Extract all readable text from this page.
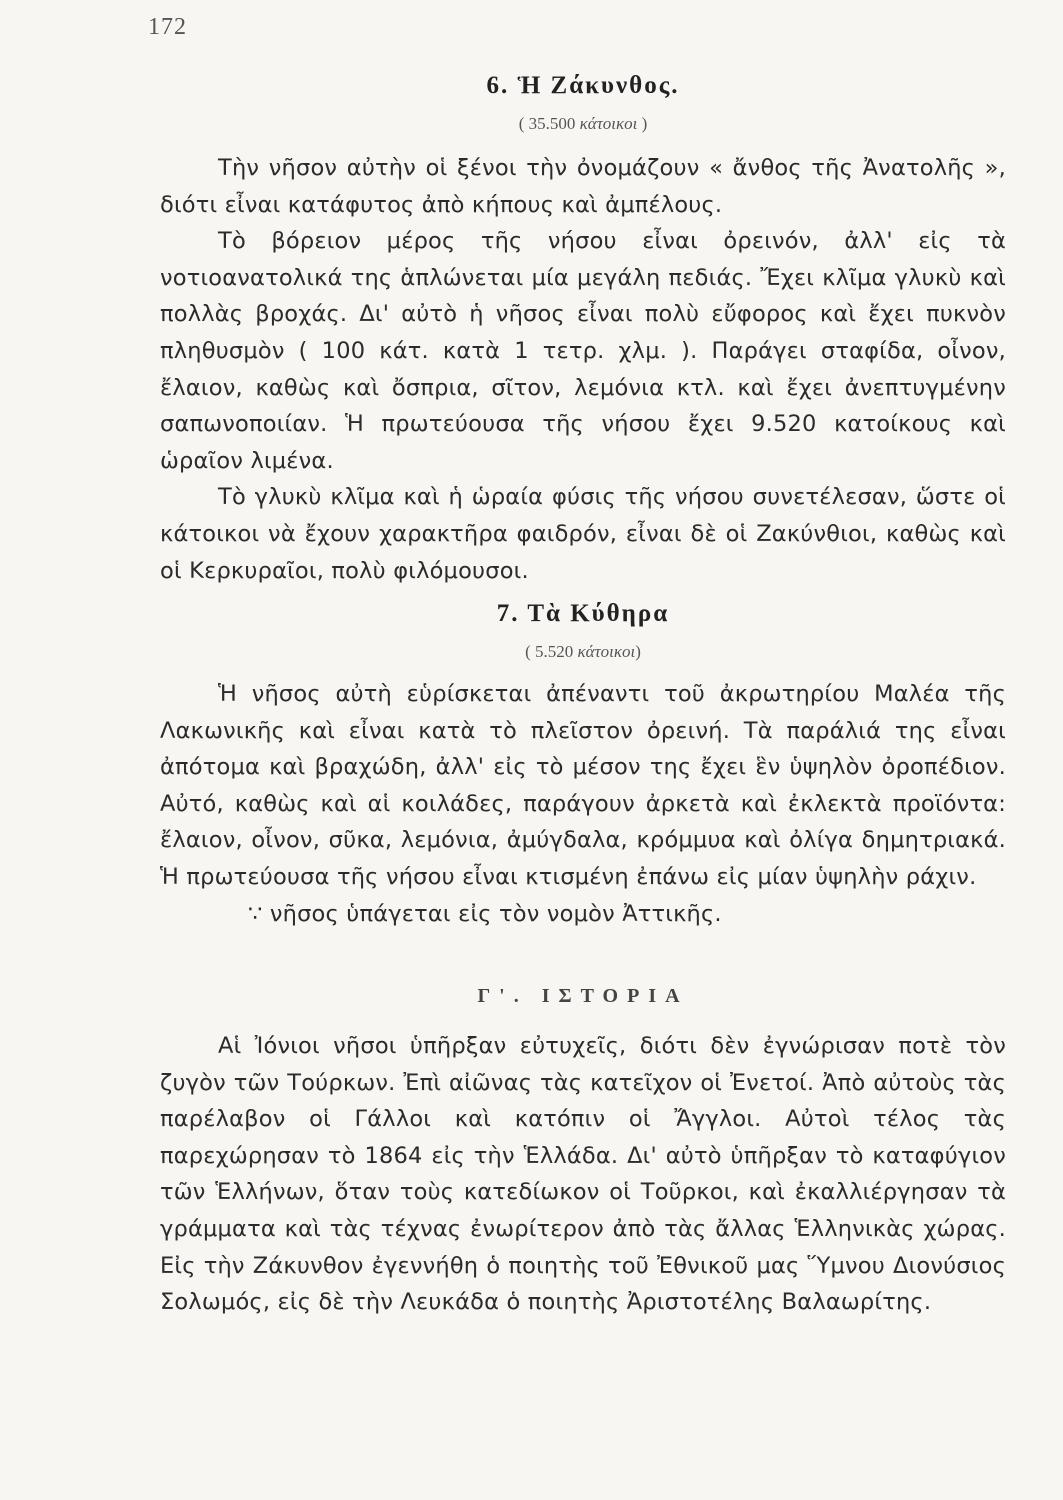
172
6. Ἡ Ζάκυνθος.

( 35.500 κάτοικοι )

Τὴν νῆσον αὐτὴν οἱ ξένοι τὴν ὀνομάζουν « ἄνθος τῆς Ἀνατολῆς », διότι εἶναι κατάφυτος ἀπὸ κήπους καὶ ἀμπέλους.

Τὸ βόρειον μέρος τῆς νήσου εἶναι ὀρεινόν, ἀλλ' εἰς τὰ νοτιοανατολικά της ἁπλώνεται μία μεγάλη πεδιάς. Ἔχει κλῖμα γλυκὺ καὶ πολλὰς βροχάς. Δι' αὐτὸ ἡ νῆσος εἶναι πολὺ εὔφορος καὶ ἔχει πυκνὸν πληθυσμὸν ( 100 κάτ. κατὰ 1 τετρ. χλμ. ). Παράγει σταφίδα, οἶνον, ἔλαιον, καθὼς καὶ ὄσπρια, σῖτον, λεμόνια κτλ. καὶ ἔχει ἀνεπτυγμένην σαπωνοποιίαν. Ἡ πρωτεύουσα τῆς νήσου ἔχει 9.520 κατοίκους καὶ ὡραῖον λιμένα.

Τὸ γλυκὺ κλῖμα καὶ ἡ ὡραία φύσις τῆς νήσου συνετέλεσαν, ὥστε οἱ κάτοικοι νὰ ἔχουν χαρακτῆρα φαιδρόν, εἶναι δὲ οἱ Ζακύνθιοι, καθὼς καὶ οἱ Κερκυραῖοι, πολὺ φιλόμουσοι.

7. Τὰ Κύθηρα

( 5.520 κάτοικοι)

Ἡ νῆσος αὐτὴ εὑρίσκεται ἀπέναντι τοῦ ἀκρωτηρίου Μαλέα τῆς Λακωνικῆς καὶ εἶναι κατὰ τὸ πλεῖστον ὀρεινή. Τὰ παράλιά της εἶναι ἀπότομα καὶ βραχώδη, ἀλλ' εἰς τὸ μέσον της ἔχει ἓν ὑψηλὸν ὀροπέδιον. Αὐτό, καθὼς καὶ αἱ κοιλάδες, παράγουν ἀρκετὰ καὶ ἐκλεκτὰ προϊόντα: ἔλαιον, οἶνον, σῦκα, λεμόνια, ἀμύγδαλα, κρόμμυα καὶ ὀλίγα δημητριακά. Ἡ πρωτεύουσα τῆς νήσου εἶναι κτισμένη ἐπάνω εἰς μίαν ὑψηλὴν ράχιν.

∵ νῆσος ὑπάγεται εἰς τὸν νομὸν Ἀττικῆς.

Γ'. ΙΣΤΟΡΙΑ

Αἱ Ἰόνιοι νῆσοι ὑπῆρξαν εὐτυχεῖς, διότι δὲν ἐγνώρισαν ποτὲ τὸν ζυγὸν τῶν Τούρκων. Ἐπὶ αἰῶνας τὰς κατεῖχον οἱ Ἐνετοί. Ἀπὸ αὐτοὺς τὰς παρέλαβον οἱ Γάλλοι καὶ κατόπιν οἱ Ἄγγλοι. Αὐτοὶ τέλος τὰς παρεχώρησαν τὸ 1864 εἰς τὴν Ἑλλάδα. Δι' αὐτὸ ὑπῆρξαν τὸ καταφύγιον τῶν Ἑλλήνων, ὅταν τοὺς κατεδίωκον οἱ Τοῦρκοι, καὶ ἐκαλλιέργησαν τὰ γράμματα καὶ τὰς τέχνας ἐνωρίτερον ἀπὸ τὰς ἄλλας Ἑλληνικὰς χώρας. Εἰς τὴν Ζάκυνθον ἐγεννήθη ὁ ποιητὴς τοῦ Ἐθνικοῦ μας Ὕμνου Διονύσιος Σολωμός, εἰς δὲ τὴν Λευκάδα ὁ ποιητὴς Ἀριστοτέλης Βαλαωρίτης.
